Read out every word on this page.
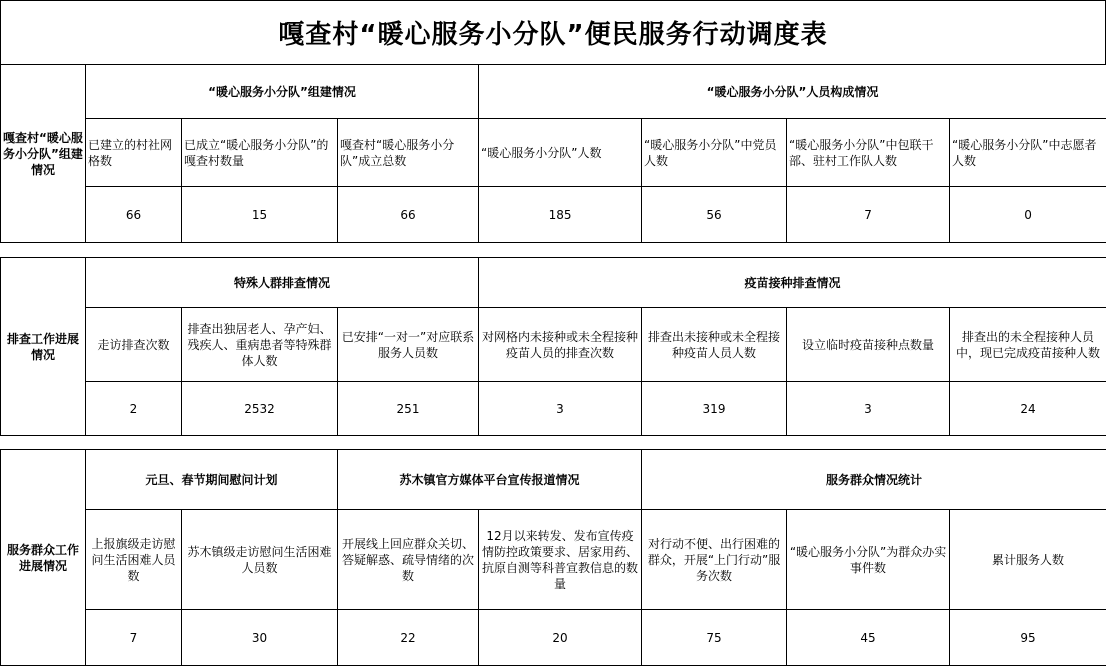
嘎查村“暖心服务小分队”便民服务行动调度表
嘎查村“暖心服务小分队”组建情况	“暖心服务小分队”组建情况			“暖心服务小分队”人员构成情况			
	已建立的村社网格数	已成立“暖心服务小分队”的嘎查村数量	嘎查村“暖心服务小分队”成立总数	“暖心服务小分队”人数	“暖心服务小分队”中党员人数	“暖心服务小分队”中包联干部、驻村工作队人数	“暖心服务小分队”中志愿者人数
	66	15	66	185	56	7	0
排查工作进展情况	特殊人群排查情况			疫苗接种排查情况			
	走访排查次数	排查出独居老人、孕产妇、残疾人、重病患者等特殊群体人数	已安排“一对一”对应联系服务人员数	对网格内未接种或未全程接种疫苗人员的排查次数	排查出未接种或未全程接种疫苗人员人数	设立临时疫苗接种点数量	排查出的未全程接种人员中，现已完成疫苗接种人数
	2	2532	251	3	319	3	24
服务群众工作进展情况	元旦、春节期间慰问计划		苏木镇官方媒体平台宣传报道情况		服务群众情况统计		
	上报旗级走访慰问生活困难人员数	苏木镇级走访慰问生活困难人员数	开展线上回应群众关切、答疑解惑、疏导情绪的次数	12月以来转发、发布宣传疫情防控政策要求、居家用药、抗原自测等科普宣教信息的数量	对行动不便、出行困难的群众，开展“上门行动”服务次数	“暖心服务小分队”为群众办实事件数	累计服务人数
	7	30	22	20	75	45	95
